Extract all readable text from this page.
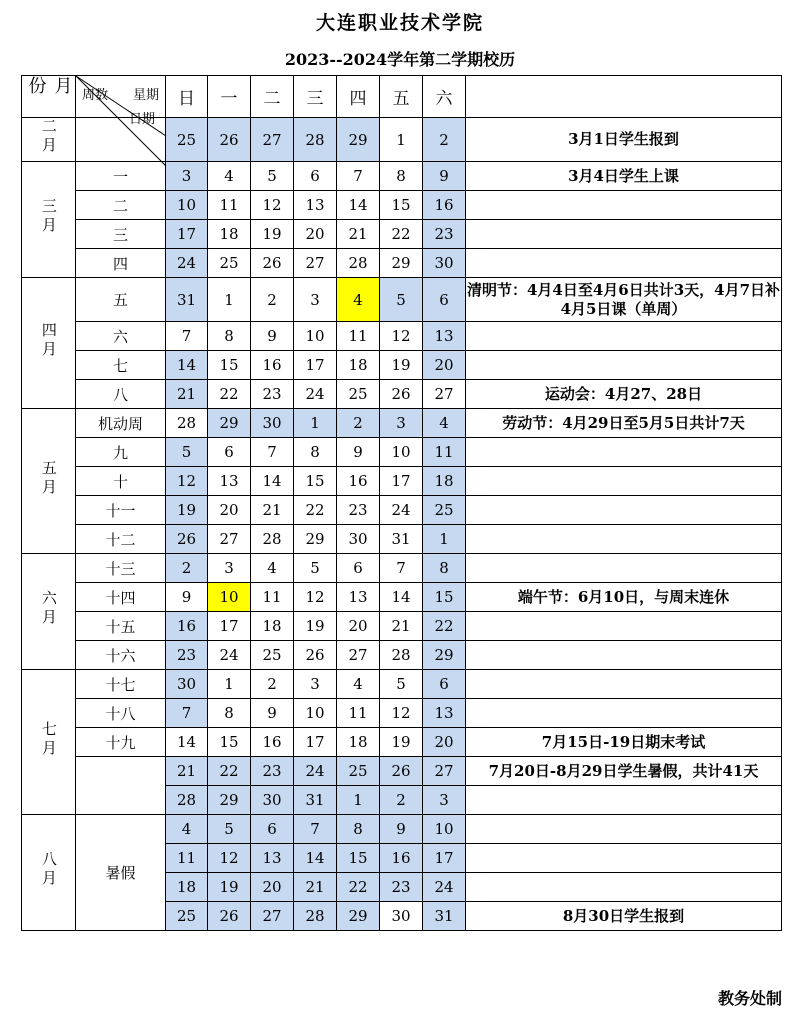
大连职业技术学院
2023--2024学年第二学期校历
月份	星期
日期
周数	日	一	二	三	四	五	六	
二月		25	26	27	28	29	1	2	3月1日学生报到
三月	一	3	4	5	6	7	8	9	3月4日学生上课
	二	10	11	12	13	14	15	16	
	三	17	18	19	20	21	22	23	
	四	24	25	26	27	28	29	30	
四月	五	31	1	2	3	4	5	6	清明节：4月4日至4月6日共计3天，4月7日补4月5日课（单周）
	六	7	8	9	10	11	12	13	
	七	14	15	16	17	18	19	20	
	八	21	22	23	24	25	26	27	运动会：4月27、28日
五月	机动周	28	29	30	1	2	3	4	劳动节：4月29日至5月5日共计7天
	九	5	6	7	8	9	10	11	
	十	12	13	14	15	16	17	18	
	十一	19	20	21	22	23	24	25	
	十二	26	27	28	29	30	31	1	
六月	十三	2	3	4	5	6	7	8	
	十四	9	10	11	12	13	14	15	端午节：6月10日，与周末连休
	十五	16	17	18	19	20	21	22	
	十六	23	24	25	26	27	28	29	
七月	十七	30	1	2	3	4	5	6	
	十八	7	8	9	10	11	12	13	
	十九	14	15	16	17	18	19	20	7月15日-19日期末考试
		21	22	23	24	25	26	27	7月20日-8月29日学生暑假，共计41天
		28	29	30	31	1	2	3	
八月	暑假	4	5	6	7	8	9	10	
		11	12	13	14	15	16	17	
		18	19	20	21	22	23	24	
		25	26	27	28	29	30	31	8月30日学生报到
教务处制
